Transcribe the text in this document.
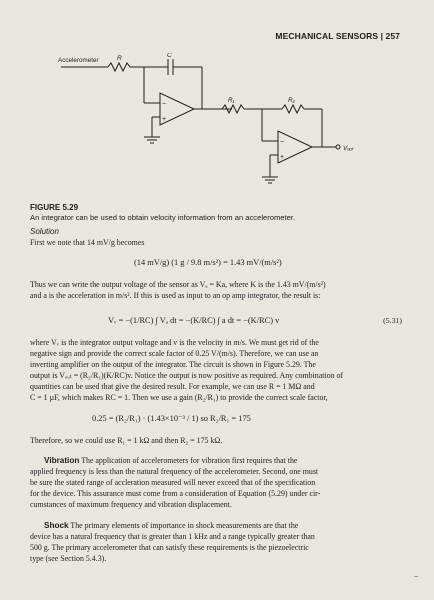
MECHANICAL SENSORS | 257
Accelerometer	R	C
R₁	R₂
Vₒᵤₜ
−
+
−
+
FIGURE 5.29
An integrator can be used to obtain velocity information from an accelerometer.
Solution
First we note that 14 mV/g becomes
(14 mV/g) (1 g / 9.8 m/s²) = 1.43 mV/(m/s²)
Thus we can write the output voltage of the sensor as Vₐ = Ka, where K is the 1.43 mV/(m/s²)
and a is the acceleration in m/s². If this is used as input to an op amp integrator, the result is:
Vᵥ = −(1/RC) ∫ Vₐ dt = −(K/RC) ∫ a dt = −(K/RC) v	(5.31)
where Vᵥ is the integrator output voltage and v is the velocity in m/s. We must get rid of the
negative sign and provide the correct scale factor of 0.25 V/(m/s). Therefore, we can use an
inverting amplifier on the output of the integrator. The circuit is shown in Figure 5.29. The
output is Vₒᵤₜ = (R₂/R₁)(K/RC)v. Notice the output is now positive as required. Any combination of
quantities can be used that give the desired result. For example, we can use R = 1 MΩ and
C = 1 µF, which makes RC = 1. Then we use a gain (R₂/R₁) to provide the correct scale factor,
0.25 = (R₂/R₁) · (1.43×10⁻³ / 1) so R₂/R₁ = 175
Therefore, so we could use R₁ = 1 kΩ and then R₂ = 175 kΩ.
Vibration The application of accelerometers for vibration first requires that the
applied frequency is less than the natural frequency of the accelerometer. Second, one must
be sure the stated range of accleration measured will never exceed that of the specification
for the device. This assurance must come from a consideration of Equation (5.29) under cir-
cumstances of maximum frequency and vibration displacement.
Shock The primary elements of importance in shock measurements are that the
device has a natural frequency that is greater than 1 kHz and a range typically greater than
500 g. The primary accelerometer that can satisfy these requirements is the piezoelectric
type (see Section 5.4.3).
−
